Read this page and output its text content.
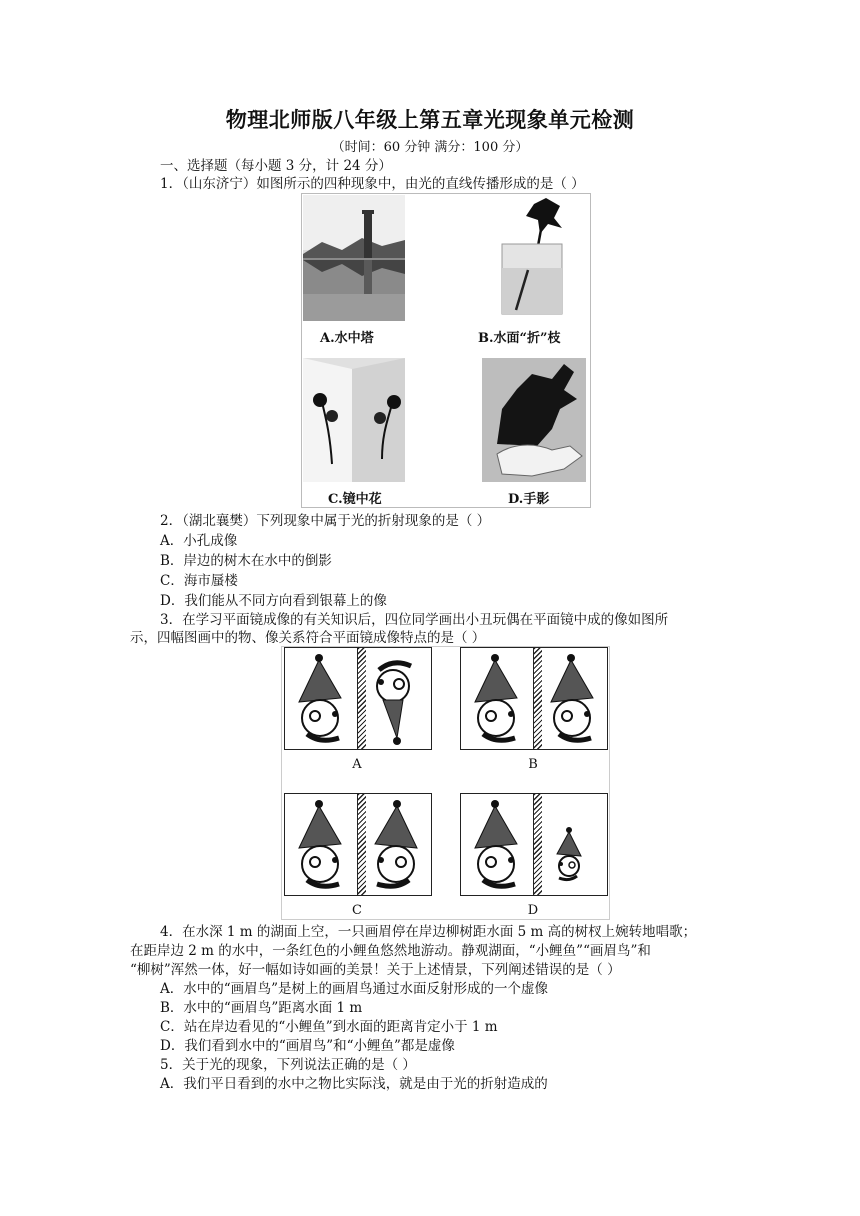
物理北师版八年级上第五章光现象单元检测
（时间：60 分钟 满分：100 分）
一、选择题（每小题 3 分，计 24 分）
1．（山东济宁）如图所示的四种现象中，由光的直线传播形成的是（ ）
A.水中塔	B.水面“折”枝
C.镜中花	D.手影
2．（湖北襄樊）下列现象中属于光的折射现象的是（ ）
A．小孔成像
B．岸边的树木在水中的倒影
C．海市蜃楼
D．我们能从不同方向看到银幕上的像
3．在学习平面镜成像的有关知识后，四位同学画出小丑玩偶在平面镜中成的像如图所
示，四幅图画中的物、像关系符合平面镜成像特点的是（ ）
A	B
C	D
4．在水深 1 m 的湖面上空，一只画眉停在岸边柳树距水面 5 m 高的树杈上婉转地唱歌；
在距岸边 2 m 的水中，一条红色的小鲤鱼悠然地游动。静观湖面，“小鲤鱼”“画眉鸟”和
“柳树”浑然一体，好一幅如诗如画的美景！关于上述情景，下列阐述错误的是（ ）
A．水中的“画眉鸟”是树上的画眉鸟通过水面反射形成的一个虚像
B．水中的“画眉鸟”距离水面 1 m
C．站在岸边看见的“小鲤鱼”到水面的距离肯定小于 1 m
D．我们看到水中的“画眉鸟”和“小鲤鱼”都是虚像
5．关于光的现象，下列说法正确的是（ ）
A．我们平日看到的水中之物比实际浅，就是由于光的折射造成的
